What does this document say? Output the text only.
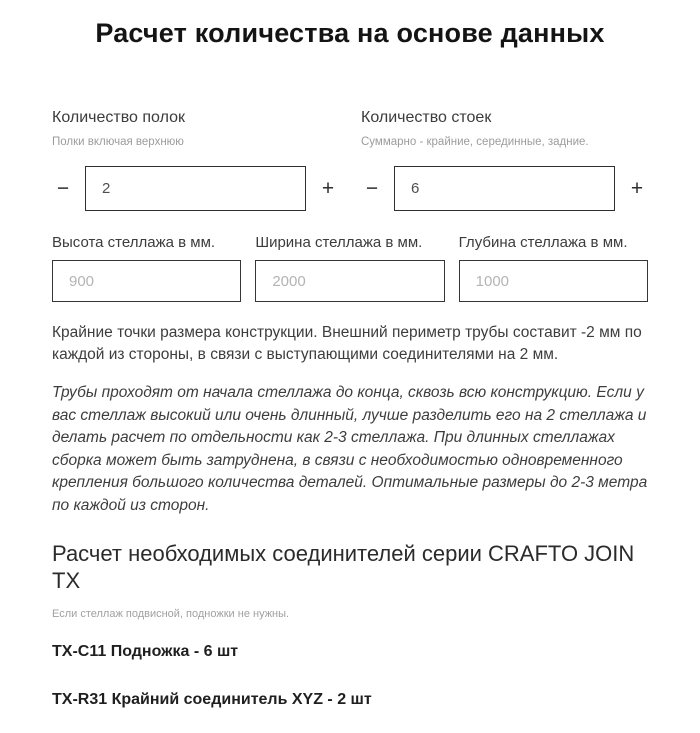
Расчет количества на основе данных
Количество полок
Полки включая верхнюю
−
2	+
Количество стоек
Суммарно - крайние, серединные, задние.
−
6	+
Высота стеллажа в мм.
900	Ширина стеллажа в мм.
2000	Глубина стеллажа в мм.
1000

Крайние точки размера конструкции. Внешний периметр трубы составит -2 мм по каждой из стороны, в связи с выступающими соединителями на 2 мм.

Трубы проходят от начала стеллажа до конца, сквозь всю конструкцию. Если у вас стеллаж высокий или очень длинный, лучше разделить его на 2 стеллажа и делать расчет по отдельности как 2-3 стеллажа. При длинных стеллажах сборка может быть затруднена, в связи с необходимостью одновременного крепления большого количества деталей. Оптимальные размеры до 2-3 метра по каждой из сторон.

Расчет необходимых соединителей серии CRAFTO JOIN TX
Если стеллаж подвисной, подножки не нужны.
TX-C11 Подножка - 6 шт
TX-R31 Крайний соединитель XYZ - 2 шт
